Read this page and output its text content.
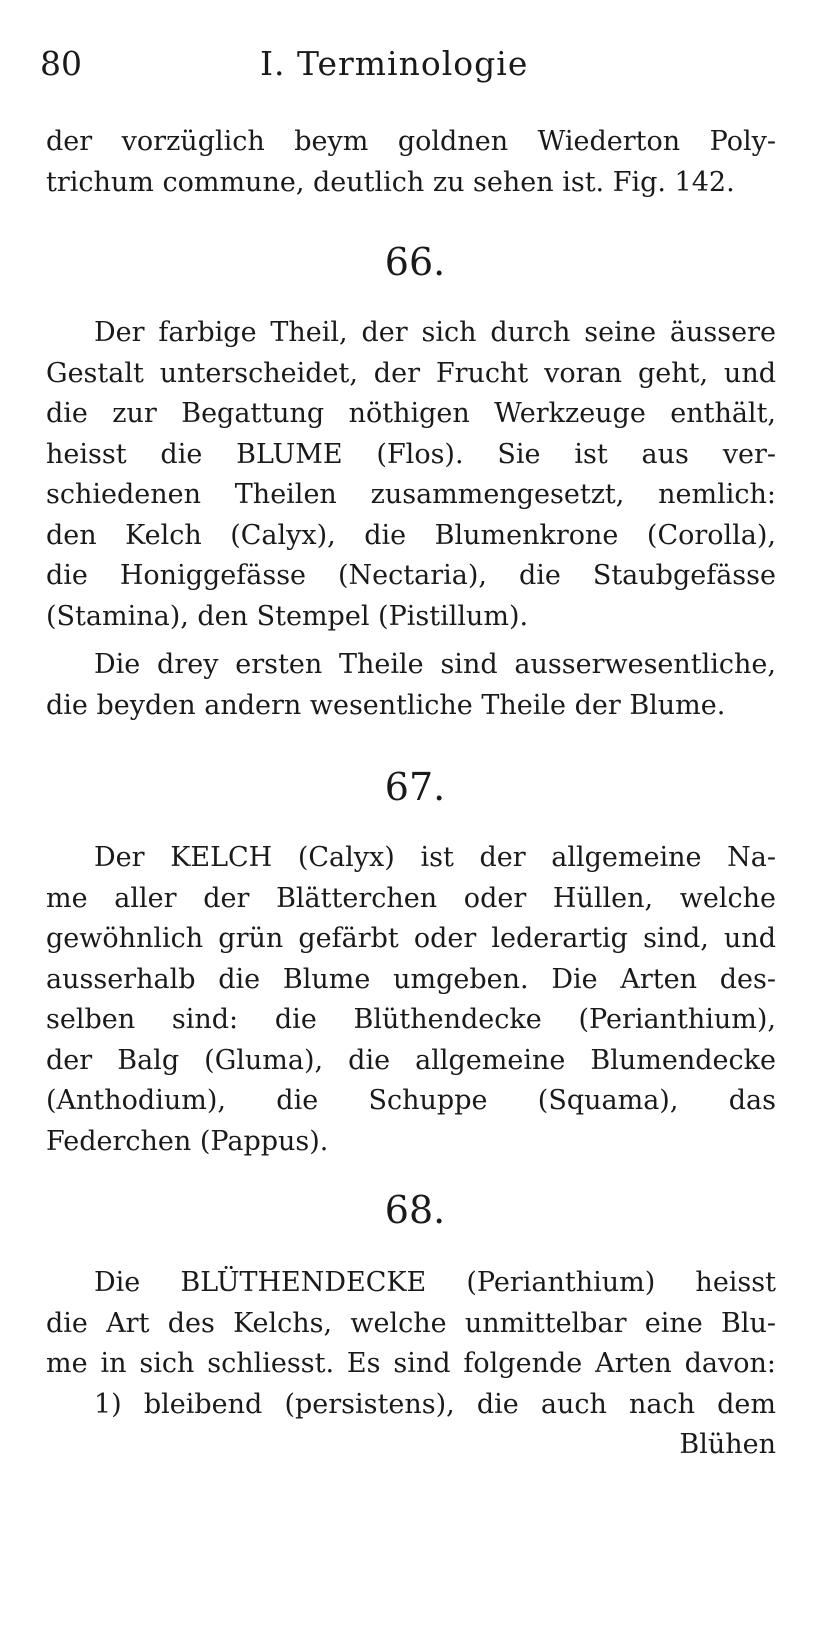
80	I. Terminologie
der vorzüglich beym goldnen Wiederton Poly-
trichum commune, deutlich zu sehen ist. Fig. 142.
66.
Der farbige Theil, der sich durch seine äussere
Gestalt unterscheidet, der Frucht voran geht, und
die zur Begattung nöthigen Werkzeuge enthält,
heisst die BLUME (Flos). Sie ist aus ver-
schiedenen Theilen zusammengesetzt, nemlich:
den Kelch (Calyx), die Blumenkrone (Corolla),
die Honiggefässe (Nectaria), die Staubgefässe
(Stamina), den Stempel (Pistillum).
Die drey ersten Theile sind ausserwesentliche,
die beyden andern wesentliche Theile der Blume.
67.
Der KELCH (Calyx) ist der allgemeine Na-
me aller der Blätterchen oder Hüllen, welche
gewöhnlich grün gefärbt oder lederartig sind, und
ausserhalb die Blume umgeben. Die Arten des-
selben sind: die Blüthendecke (Perianthium),
der Balg (Gluma), die allgemeine Blumendecke
(Anthodium), die Schuppe (Squama), das
Federchen (Pappus).
68.
Die BLÜTHENDECKE (Perianthium) heisst
die Art des Kelchs, welche unmittelbar eine Blu-
me in sich schliesst. Es sind folgende Arten davon:
1) bleibend (persistens), die auch nach dem
Blühen
